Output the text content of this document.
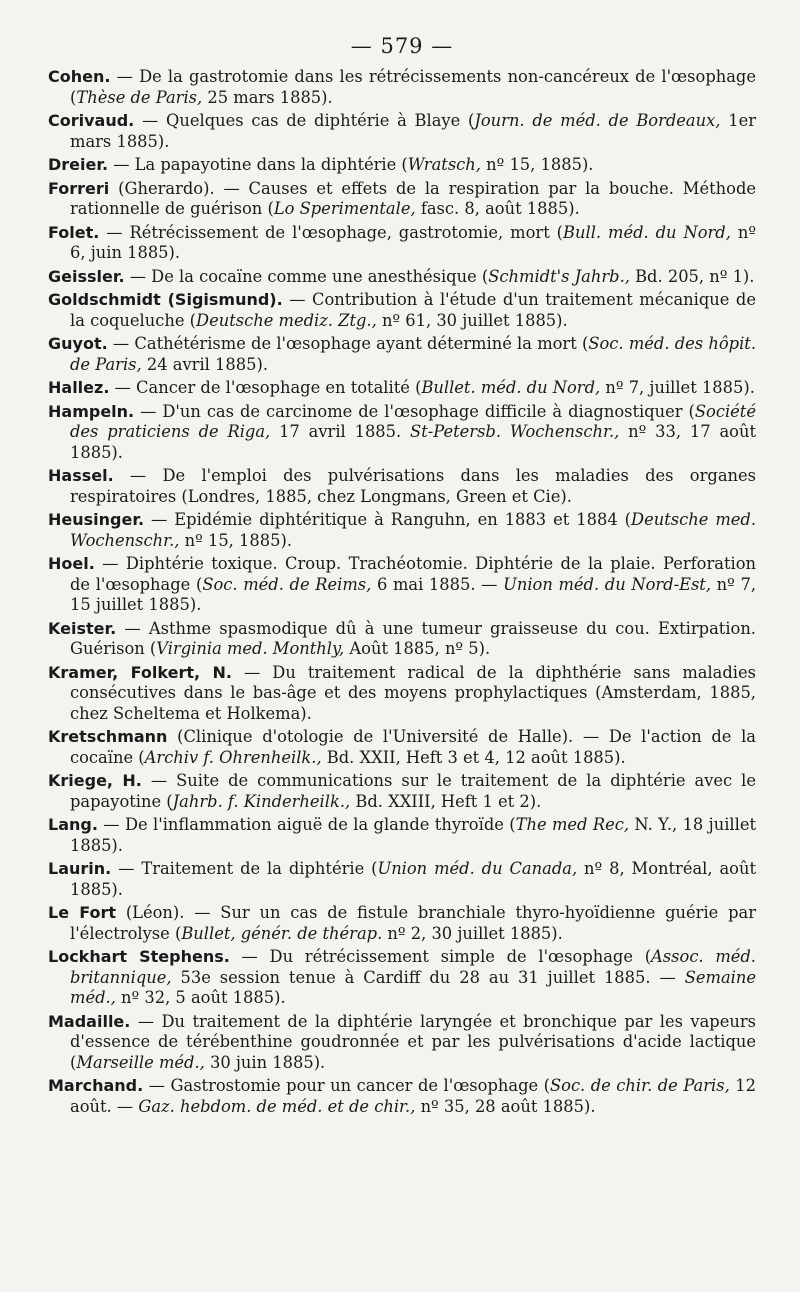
— 579 —
Cohen. — De la gastrotomie dans les rétrécissements non-cancéreux de l'œsophage (Thèse de Paris, 25 mars 1885).
Corivaud. — Quelques cas de diphtérie à Blaye (Journ. de méd. de Bordeaux, 1er mars 1885).
Dreier. — La papayotine dans la diphtérie (Wratsch, nº 15, 1885).
Forreri (Gherardo). — Causes et effets de la respiration par la bouche. Méthode rationnelle de guérison (Lo Sperimentale, fasc. 8, août 1885).
Folet. — Rétrécissement de l'œsophage, gastrotomie, mort (Bull. méd. du Nord, nº 6, juin 1885).
Geissler. — De la cocaïne comme une anesthésique (Schmidt's Jahrb., Bd. 205, nº 1).
Goldschmidt (Sigismund). — Contribution à l'étude d'un traitement mécanique de la coqueluche (Deutsche mediz. Ztg., nº 61, 30 juillet 1885).
Guyot. — Cathétérisme de l'œsophage ayant déterminé la mort (Soc. méd. des hôpit. de Paris, 24 avril 1885).
Hallez. — Cancer de l'œsophage en totalité (Bullet. méd. du Nord, nº 7, juillet 1885).
Hampeln. — D'un cas de carcinome de l'œsophage difficile à diagnostiquer (Société des praticiens de Riga, 17 avril 1885. St-Petersb. Wochenschr., nº 33, 17 août 1885).
Hassel. — De l'emploi des pulvérisations dans les maladies des organes respiratoires (Londres, 1885, chez Longmans, Green et Cie).
Heusinger. — Epidémie diphtéritique à Ranguhn, en 1883 et 1884 (Deutsche med. Wochenschr., nº 15, 1885).
Hoel. — Diphtérie toxique. Croup. Trachéotomie. Diphtérie de la plaie. Perforation de l'œsophage (Soc. méd. de Reims, 6 mai 1885. — Union méd. du Nord-Est, nº 7, 15 juillet 1885).
Keister. — Asthme spasmodique dû à une tumeur graisseuse du cou. Extirpation. Guérison (Virginia med. Monthly, Août 1885, nº 5).
Kramer, Folkert, N. — Du traitement radical de la diphthérie sans maladies consécutives dans le bas-âge et des moyens prophylactiques (Amsterdam, 1885, chez Scheltema et Holkema).
Kretschmann (Clinique d'otologie de l'Université de Halle). — De l'action de la cocaïne (Archiv f. Ohrenheilk., Bd. XXII, Heft 3 et 4, 12 août 1885).
Kriege, H. — Suite de communications sur le traitement de la diphtérie avec le papayotine (Jahrb. f. Kinderheilk., Bd. XXIII, Heft 1 et 2).
Lang. — De l'inflammation aiguë de la glande thyroïde (The med Rec, N. Y., 18 juillet 1885).
Laurin. — Traitement de la diphtérie (Union méd. du Canada, nº 8, Montréal, août 1885).
Le Fort (Léon). — Sur un cas de fistule branchiale thyro-hyoïdienne guérie par l'électrolyse (Bullet, génér. de thérap. nº 2, 30 juillet 1885).
Lockhart Stephens. — Du rétrécissement simple de l'œsophage (Assoc. méd. britannique, 53e session tenue à Cardiff du 28 au 31 juillet 1885. — Semaine méd., nº 32, 5 août 1885).
Madaille. — Du traitement de la diphtérie laryngée et bronchique par les vapeurs d'essence de térébenthine goudronnée et par les pulvérisations d'acide lactique (Marseille méd., 30 juin 1885).
Marchand. — Gastrostomie pour un cancer de l'œsophage (Soc. de chir. de Paris, 12 août. — Gaz. hebdom. de méd. et de chir., nº 35, 28 août 1885).
